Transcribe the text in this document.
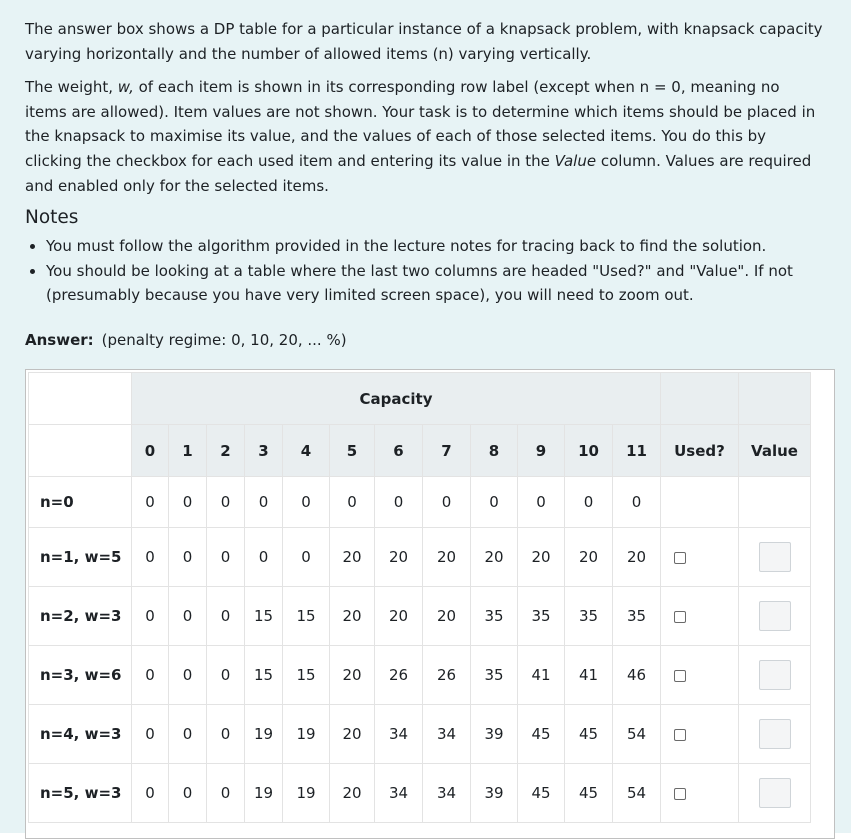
The answer box shows a DP table for a particular instance of a knapsack problem, with knapsack capacity varying horizontally and the number of allowed items (n) varying vertically.

The weight, w, of each item is shown in its corresponding row label (except when n = 0, meaning no items are allowed). Item values are not shown. Your task is to determine which items should be placed in the knapsack to maximise its value, and the values of each of those selected items. You do this by clicking the checkbox for each used item and entering its value in the Value column. Values are required and enabled only for the selected items.

Notes
• You must follow the algorithm provided in the lecture notes for tracing back to find the solution.
• You should be looking at a table where the last two columns are headed "Used?" and "Value". If not (presumably because you have very limited screen space), you will need to zoom out.
Answer: (penalty regime: 0, 10, 20, ... %)
	Capacity													
	0	1	2	3	4	5	6	7	8	9	10	11	Used?	Value
n=0	0	0	0	0	0	0	0	0	0	0	0	0		
n=1, w=5	0	0	0	0	0	20	20	20	20	20	20	20		
n=2, w=3	0	0	0	15	15	20	20	20	35	35	35	35		
n=3, w=6	0	0	0	15	15	20	26	26	35	41	41	46		
n=4, w=3	0	0	0	19	19	20	34	34	39	45	45	54		
n=5, w=3	0	0	0	19	19	20	34	34	39	45	45	54		
